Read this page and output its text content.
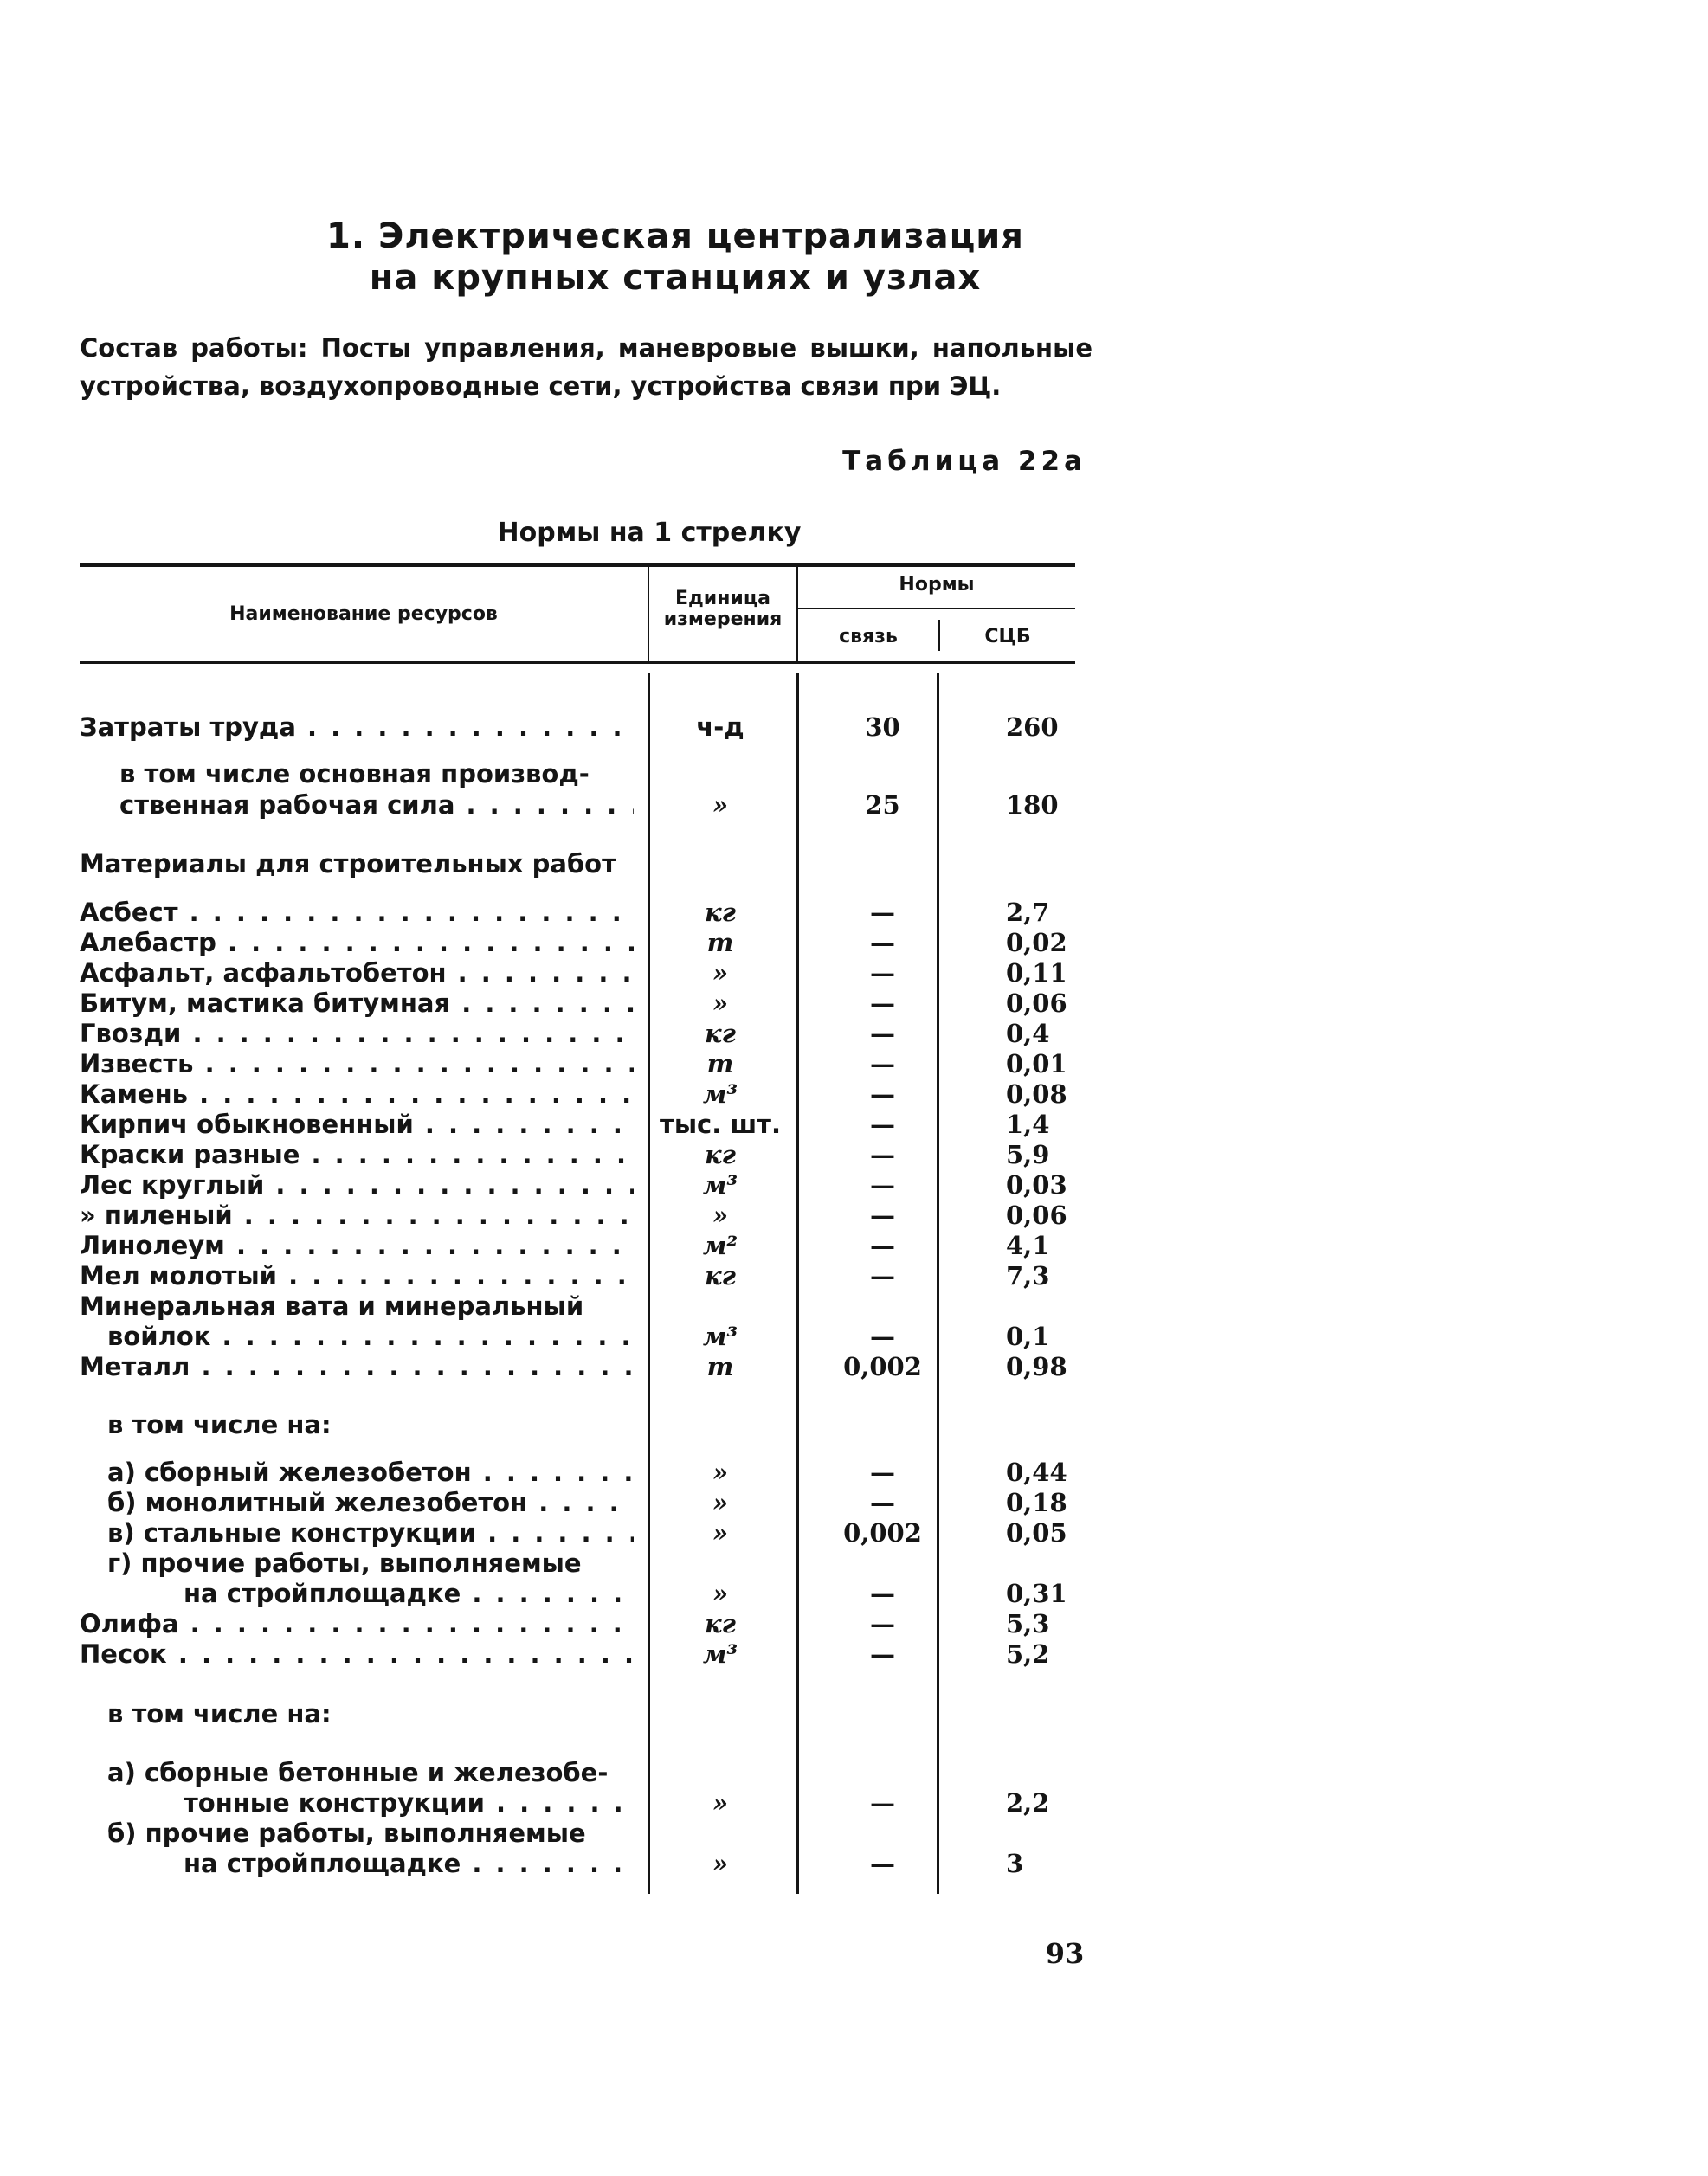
1. Электрическая централизация
на крупных станциях и узлах
Состав работы: Посты управления, маневровые вышки, напольные устройства, воздухопроводные сети, устройства связи при ЭЦ.
Таблица 22а
Нормы на 1 стрелку
Наименование ресурсов
Единица
измерения
Нормы
связь	СЦБ
Затраты труда . . .	ч-д	30	260
в том числе основная производ-
ственная рабочая сила . . .	»	25	180
Материалы для строительных работ
Асбест . . .	кг	—	2,7
Алебастр . . .	т	—	0,02
Асфальт, асфальтобетон . . .	»	—	0,11
Битум, мастика битумная . . .	»	—	0,06
Гвозди . . .	кг	—	0,4
Известь . . .	т	—	0,01
Камень . . .	м³	—	0,08
Кирпич обыкновенный . . .	тыс. шт.	—	1,4
Краски разные . . .	кг	—	5,9
Лес круглый . . .	м³	—	0,03
» пиленый . . .	»	—	0,06
Линолеум . . .	м²	—	4,1
Мел молотый . . .	кг	—	7,3
Минеральная вата и минеральный
войлок . . .	м³	—	0,1
Металл . . .	т	0,002	0,98
в том числе на:
а) сборный железобетон . . .	»	—	0,44
б) монолитный железобетон . . .	»	—	0,18
в) стальные конструкции . . .	»	0,002	0,05
г) прочие работы, выполняемые
на стройплощадке . . .	»	—	0,31
Олифа . . .	кг	—	5,3
Песок . . .	м³	—	5,2
в том числе на:
а) сборные бетонные и железобе-
тонные конструкции . . .	»	—	2,2
б) прочие работы, выполняемые
на стройплощадке . . .	»	—	3
93
